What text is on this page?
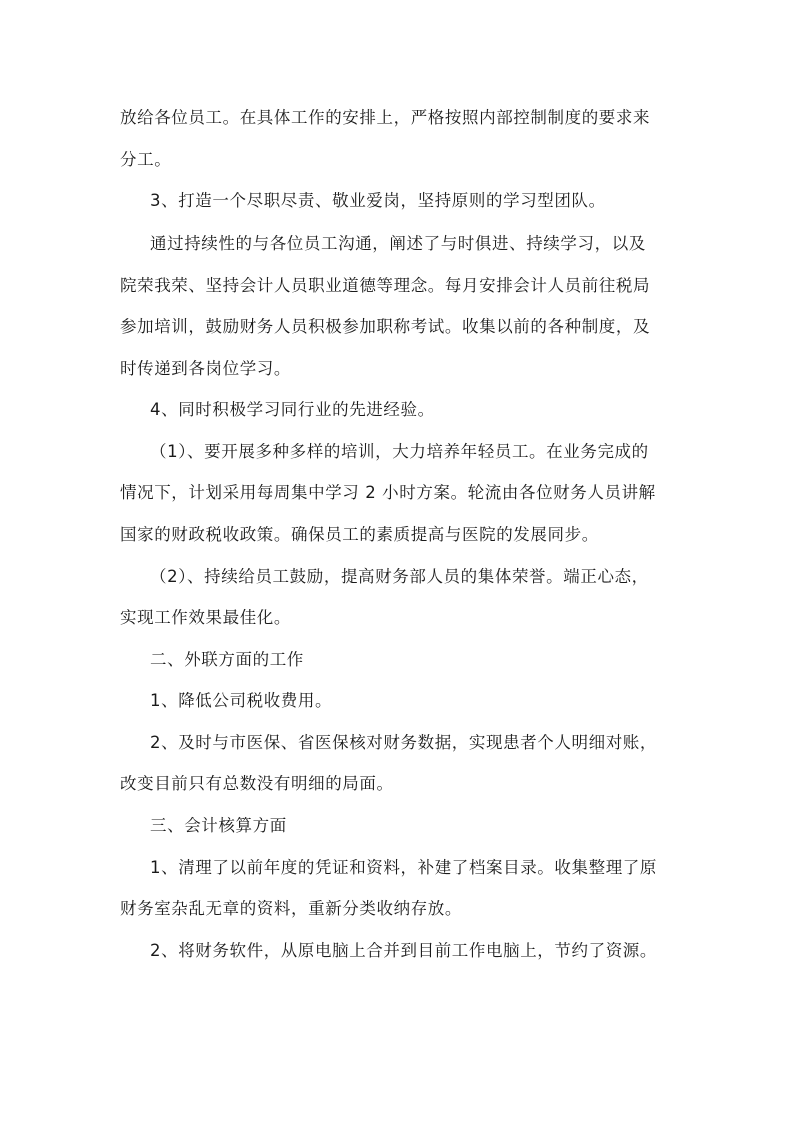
放给各位员工。在具体工作的安排上，严格按照内部控制制度的要求来
分工。
3、打造一个尽职尽责、敬业爱岗，坚持原则的学习型团队。
通过持续性的与各位员工沟通，阐述了与时俱进、持续学习，以及
院荣我荣、坚持会计人员职业道德等理念。每月安排会计人员前往税局
参加培训，鼓励财务人员积极参加职称考试。收集以前的各种制度，及
时传递到各岗位学习。
4、同时积极学习同行业的先进经验。
（1）、要开展多种多样的培训，大力培养年轻员工。在业务完成的
情况下，计划采用每周集中学习 2 小时方案。轮流由各位财务人员讲解
国家的财政税收政策。确保员工的素质提高与医院的发展同步。
（2）、持续给员工鼓励，提高财务部人员的集体荣誉。端正心态，
实现工作效果最佳化。
二、外联方面的工作
1、降低公司税收费用。
2、及时与市医保、省医保核对财务数据，实现患者个人明细对账，
改变目前只有总数没有明细的局面。
三、会计核算方面
1、清理了以前年度的凭证和资料，补建了档案目录。收集整理了原
财务室杂乱无章的资料，重新分类收纳存放。
2、将财务软件，从原电脑上合并到目前工作电脑上，节约了资源。
